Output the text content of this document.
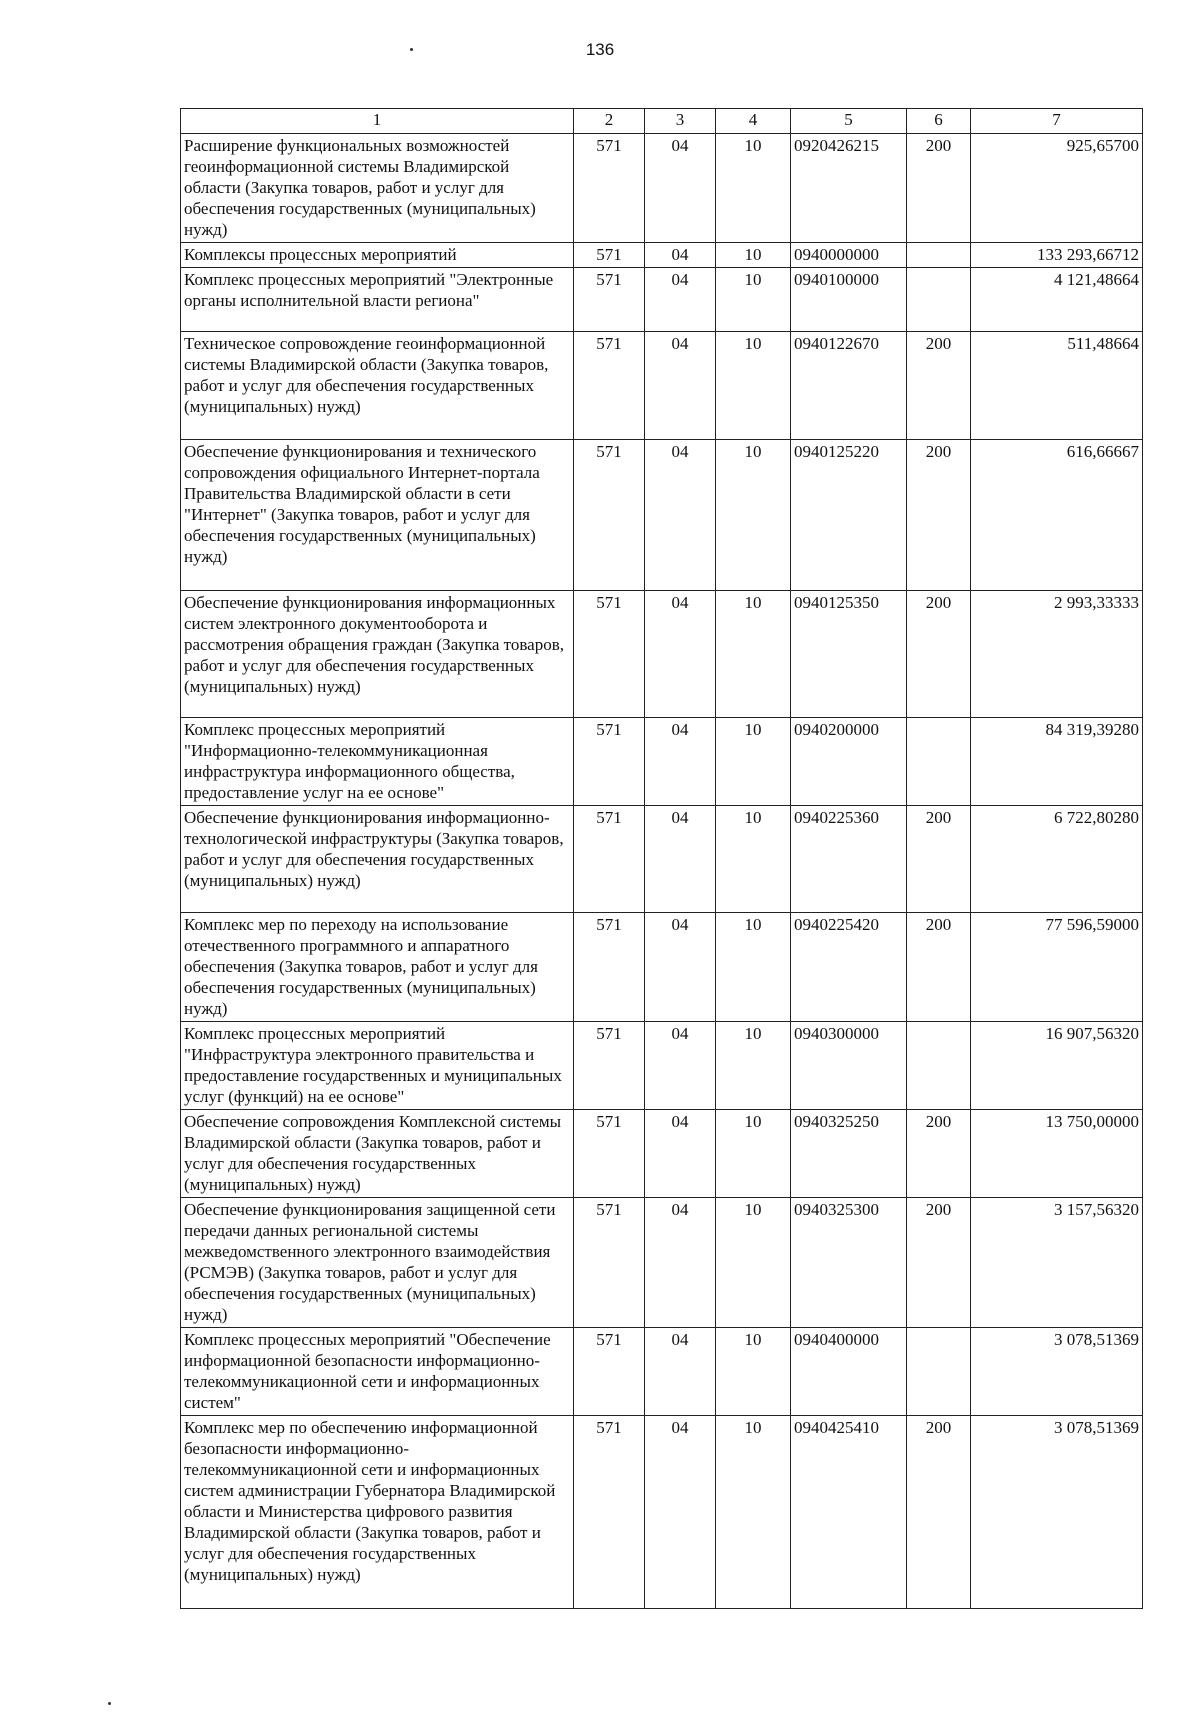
136
1	2	3	4	5	6	7
Расширение функциональных возможностей геоинформационной системы Владимирской области (Закупка товаров, работ и услуг для обеспечения государственных (муниципальных) нужд)	571	04	10	0920426215	200	925,65700
Комплексы процессных мероприятий	571	04	10	0940000000		133 293,66712
Комплекс процессных мероприятий "Электронные органы исполнительной власти региона"	571	04	10	0940100000		4 121,48664
Техническое сопровождение геоинформационной системы Владимирской области (Закупка товаров, работ и услуг для обеспечения государственных (муниципальных) нужд)	571	04	10	0940122670	200	511,48664
Обеспечение функционирования и технического сопровождения официального Интернет-портала Правительства Владимирской области в сети "Интернет" (Закупка товаров, работ и услуг для обеспечения государственных (муниципальных) нужд)	571	04	10	0940125220	200	616,66667
Обеспечение функционирования информационных систем электронного документооборота и рассмотрения обращения граждан (Закупка товаров, работ и услуг для обеспечения государственных (муниципальных) нужд)	571	04	10	0940125350	200	2 993,33333
Комплекс процессных мероприятий "Информационно-телекоммуникационная инфраструктура информационного общества, предоставление услуг на ее основе"	571	04	10	0940200000		84 319,39280
Обеспечение функционирования информационно-технологической инфраструктуры (Закупка товаров, работ и услуг для обеспечения государственных (муниципальных) нужд)	571	04	10	0940225360	200	6 722,80280
Комплекс мер по переходу на использование отечественного программного и аппаратного обеспечения (Закупка товаров, работ и услуг для обеспечения государственных (муниципальных) нужд)	571	04	10	0940225420	200	77 596,59000
Комплекс процессных мероприятий "Инфраструктура электронного правительства и предоставление государственных и муниципальных услуг (функций) на ее основе"	571	04	10	0940300000		16 907,56320
Обеспечение сопровождения Комплексной системы Владимирской области (Закупка товаров, работ и услуг для обеспечения государственных (муниципальных) нужд)	571	04	10	0940325250	200	13 750,00000
Обеспечение функционирования защищенной сети передачи данных региональной системы межведомственного электронного взаимодействия (РСМЭВ) (Закупка товаров, работ и услуг для обеспечения государственных (муниципальных) нужд)	571	04	10	0940325300	200	3 157,56320
Комплекс процессных мероприятий "Обеспечение информационной безопасности информационно-телекоммуникационной сети и информационных систем"	571	04	10	0940400000		3 078,51369
Комплекс мер по обеспечению информационной безопасности информационно-телекоммуникационной сети и информационных систем администрации Губернатора Владимирской области и Министерства цифрового развития Владимирской области (Закупка товаров, работ и услуг для обеспечения государственных (муниципальных) нужд)	571	04	10	0940425410	200	3 078,51369
